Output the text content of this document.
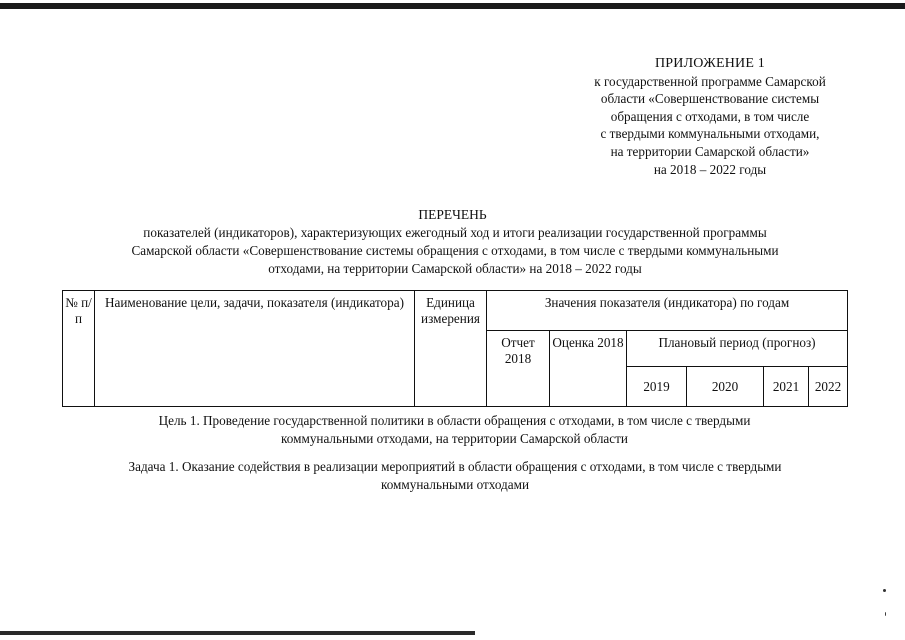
ПРИЛОЖЕНИЕ 1
к государственной программе Самарской
области «Совершенствование системы
обращения с отходами, в том числе
с твердыми коммунальными отходами,
на территории Самарской области»
на 2018 – 2022 годы
ПЕРЕЧЕНЬ
показателей (индикаторов), характеризующих ежегодный ход и итоги реализации государственной программы
Самарской области «Совершенствование системы обращения с отходами, в том числе с твердыми коммунальными
отходами, на территории Самарской области» на 2018 – 2022 годы
№ п/п	Наименование цели, задачи, показателя (индикатора)	Единица измерения	Значения показателя (индикатора) по годам					
			Отчет 2018	Оценка 2018	Плановый период (прогноз)			
					2019	2020	2021	2022
Цель 1. Проведение государственной политики в области обращения с отходами, в том числе с твердыми
коммунальными отходами, на территории Самарской области
Задача 1. Оказание содействия в реализации мероприятий в области обращения с отходами, в том числе с твердыми
коммунальными отходами
